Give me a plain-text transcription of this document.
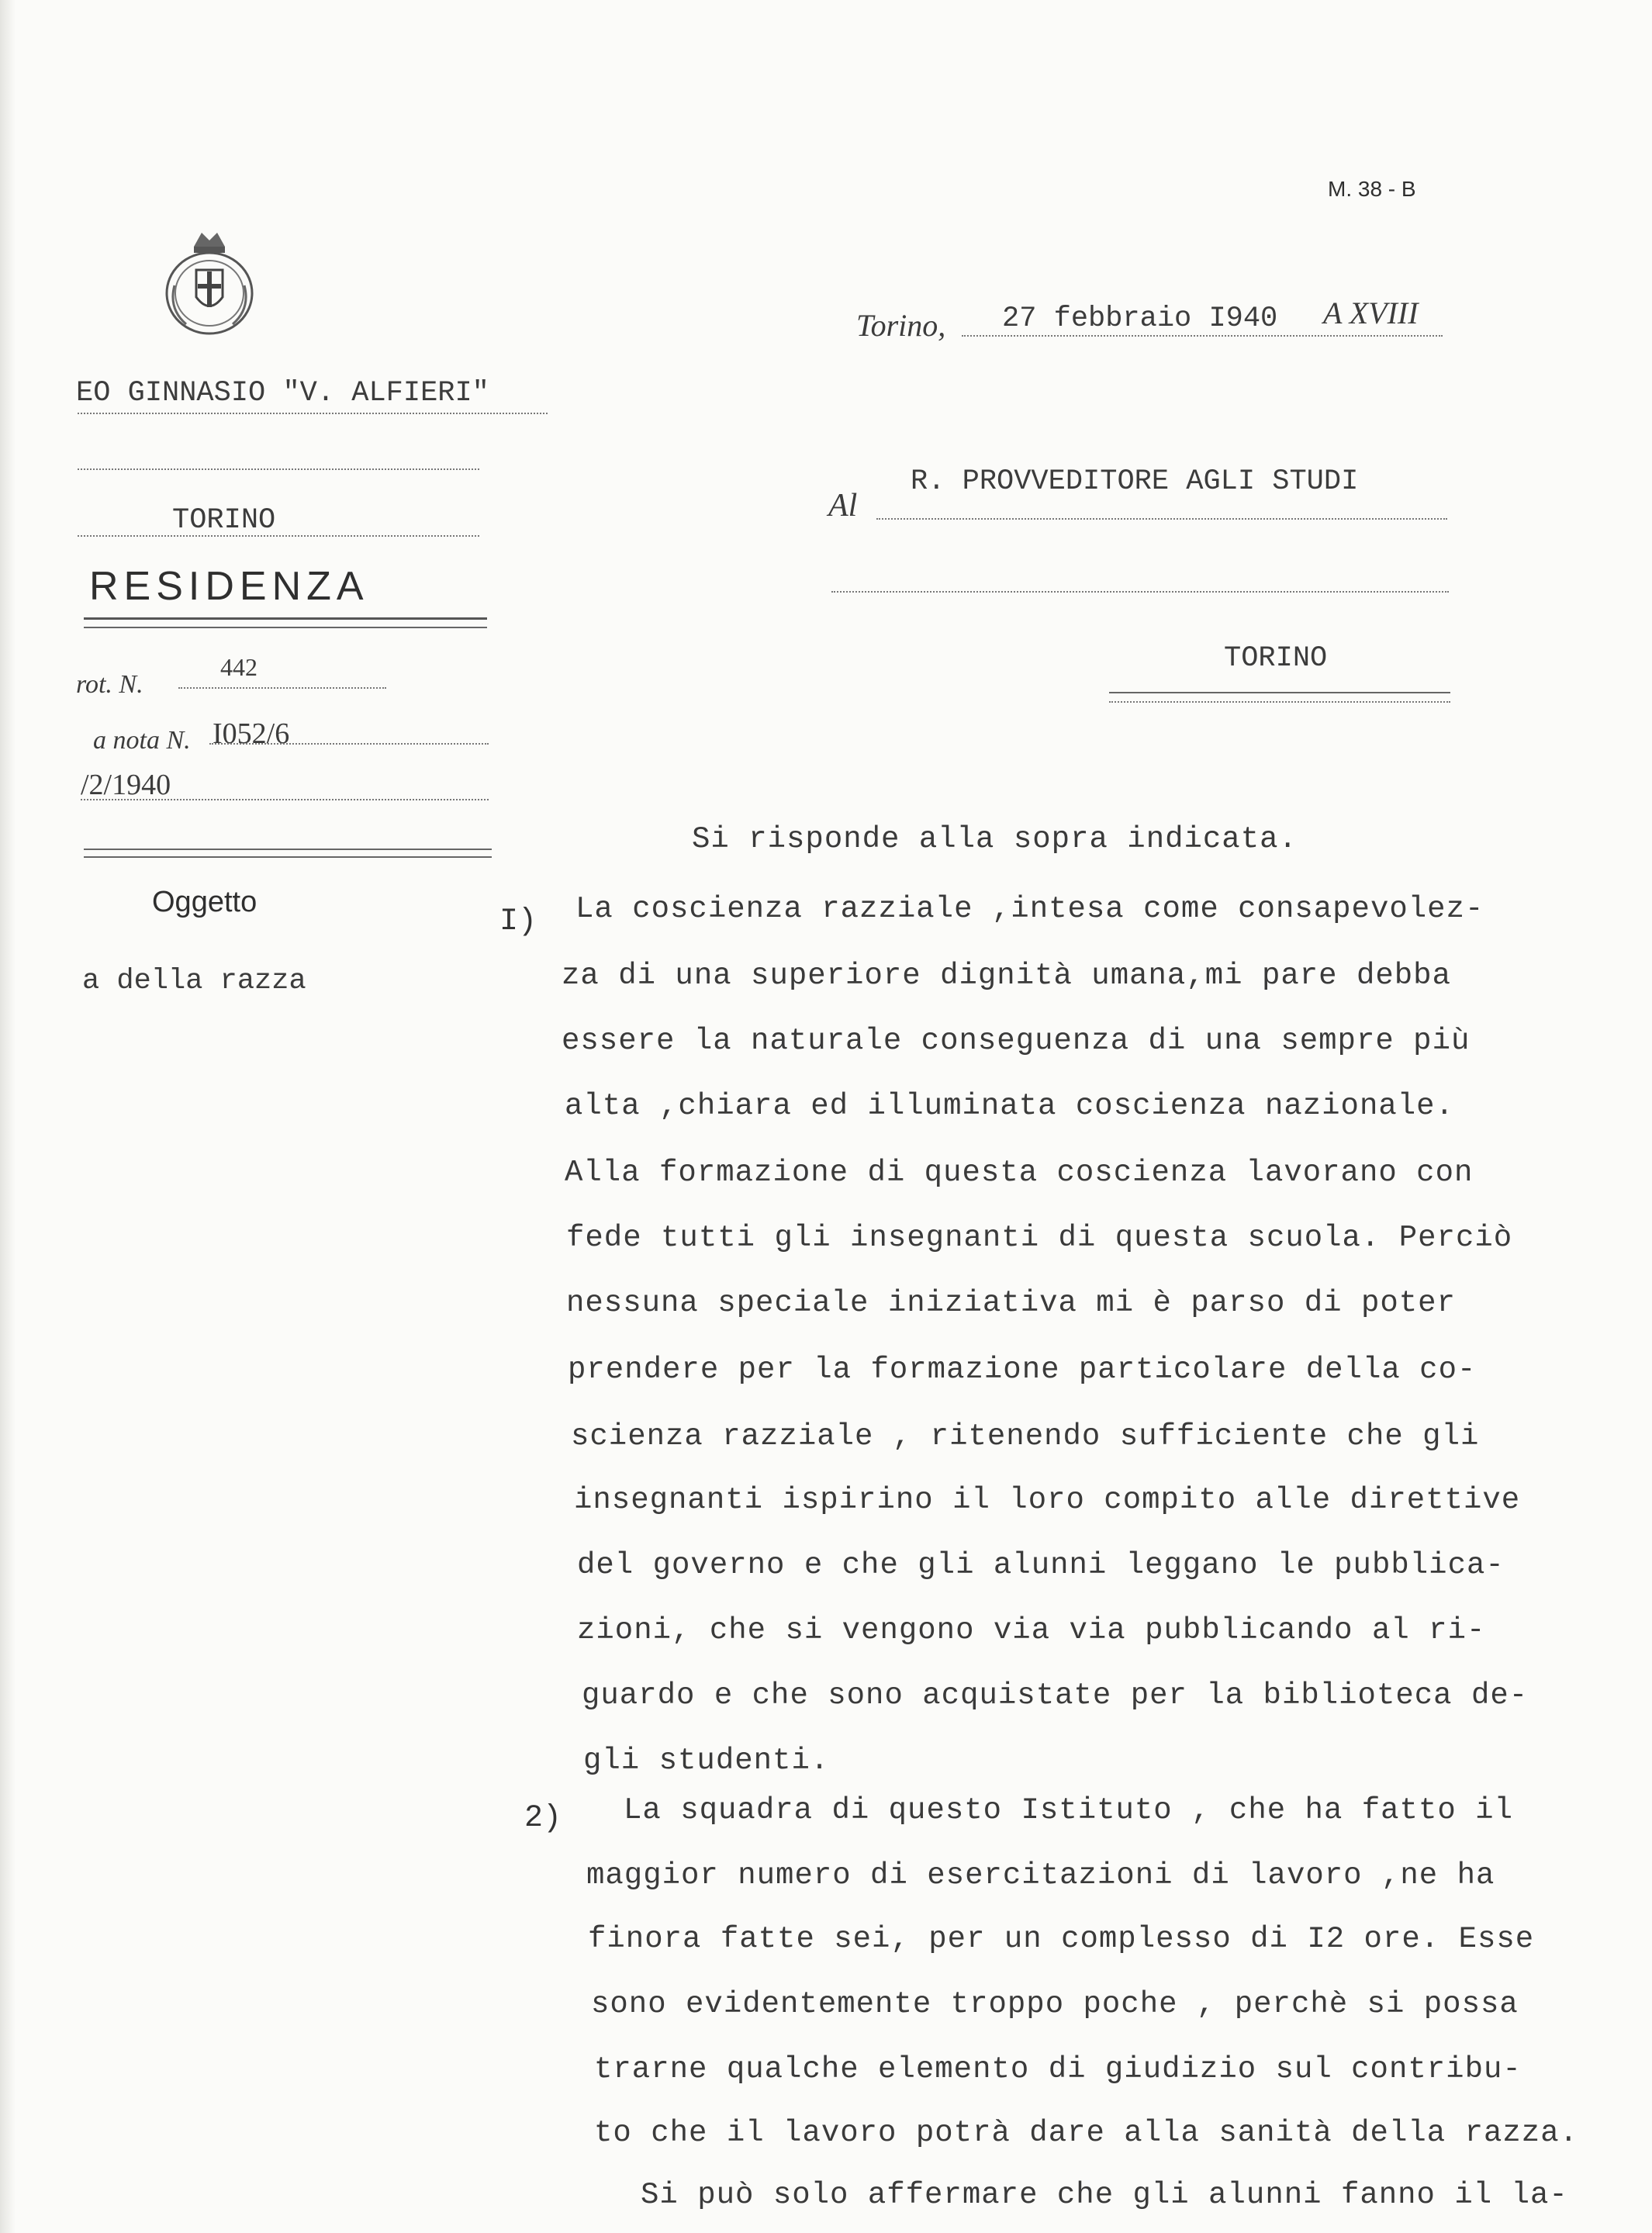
M. 38 - B
EO GINNASIO "V. ALFIERI"
TORINO
RESIDENZA
rot. N.
442
a nota N. I052/6
/2/1940
Oggetto
a della razza
Torino, 27 febbraio I940 A XVIII
Al
R. PROVVEDITORE AGLI STUDI
TORINO
Si risponde alla sopra indicata.
I) La coscienza razziale ,intesa come consapevolez-
za di una superiore dignità umana,mi pare debba
essere la naturale conseguenza di una sempre più
alta ,chiara ed illuminata coscienza nazionale.
Alla formazione di questa coscienza lavorano con
fede tutti gli insegnanti di questa scuola. Perciò
nessuna speciale iniziativa mi è parso di poter
prendere per la formazione particolare della co-
scienza razziale , ritenendo sufficiente che gli
insegnanti ispirino il loro compito alle direttive
del governo e che gli alunni leggano le pubblica-
zioni, che si vengono via via pubblicando al ri-
guardo e che sono acquistate per la biblioteca de-
gli studenti.
2) La squadra di questo Istituto , che ha fatto il
maggior numero di esercitazioni di lavoro ,ne ha
finora fatte sei, per un complesso di I2 ore. Esse
sono evidentemente troppo poche , perchè si possa
trarne qualche elemento di giudizio sul contribu-
to che il lavoro potrà dare alla sanità della razza.
Si può solo affermare che gli alunni fanno il la-
